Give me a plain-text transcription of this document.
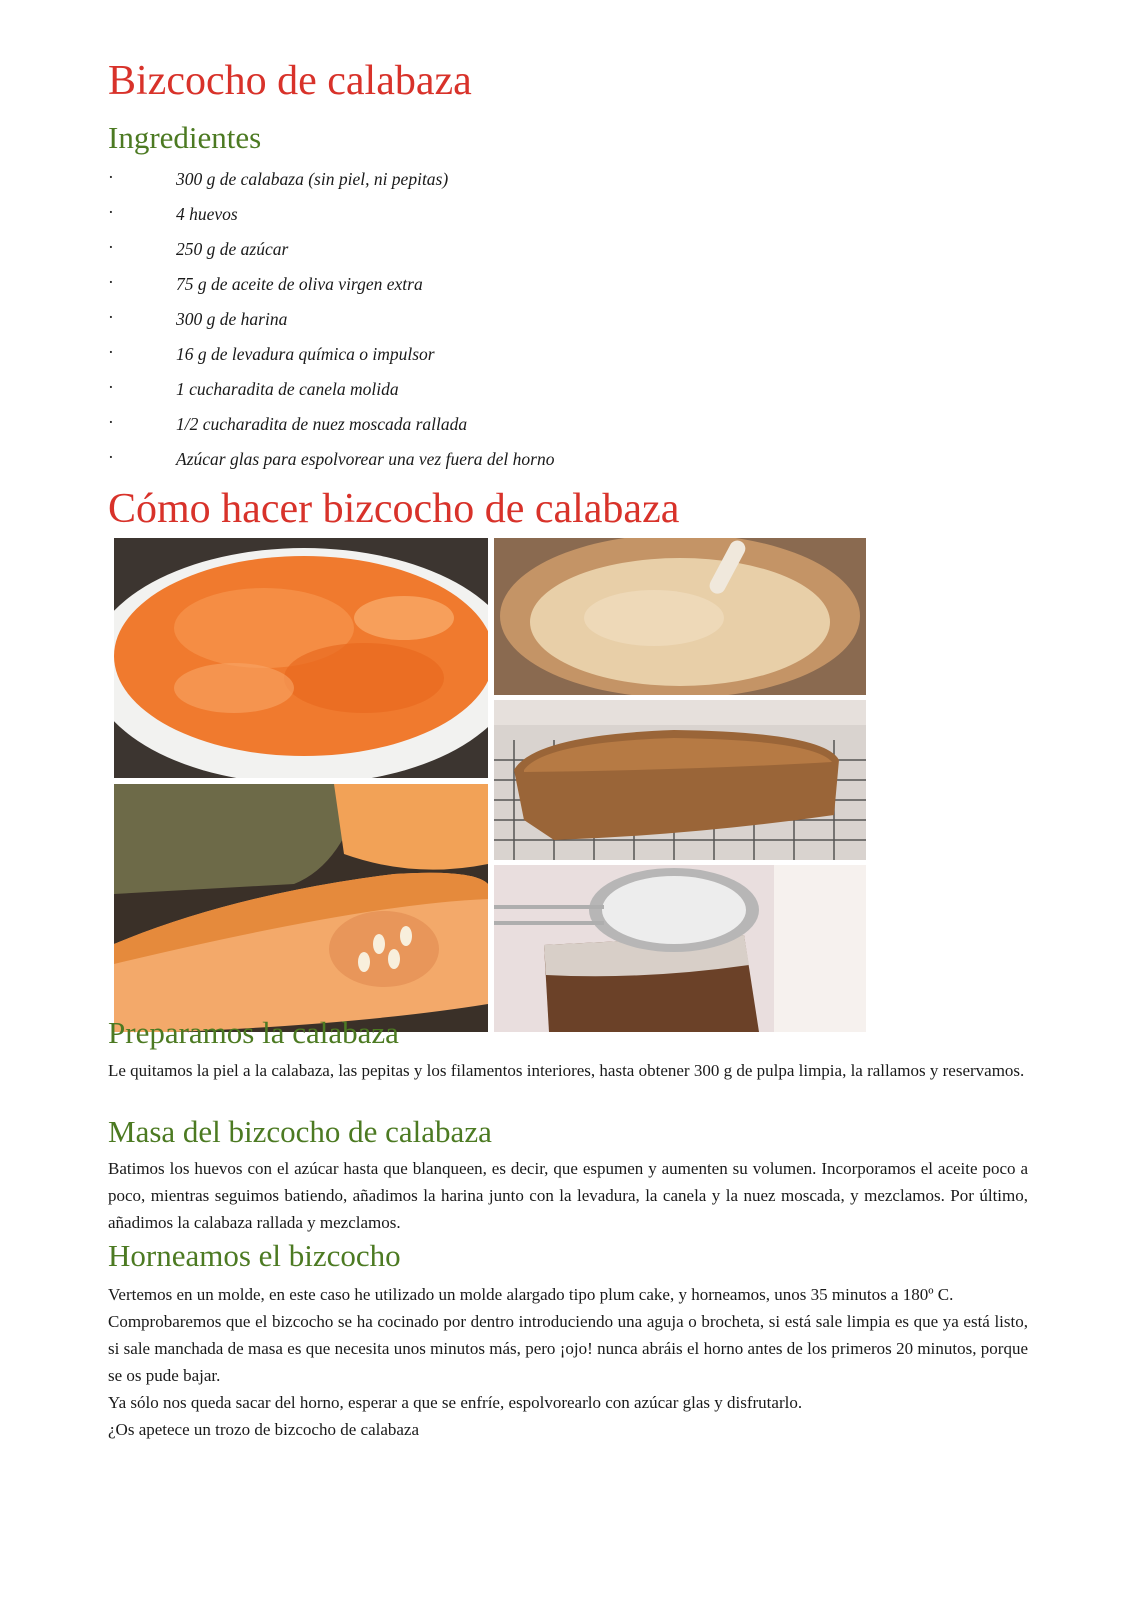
Bizcocho de calabaza
Ingredientes
·	300 g de calabaza (sin piel, ni pepitas)
·	4 huevos
·	250 g de azúcar
·	75 g de aceite de oliva virgen extra
·	300 g de harina
·	16 g de levadura química o impulsor
·	1 cucharadita de canela molida
·	1/2 cucharadita de nuez moscada rallada
·	Azúcar glas para espolvorear una vez fuera del horno
Cómo hacer bizcocho de calabaza
Preparamos la calabaza

Le quitamos la piel a la calabaza, las pepitas y los filamentos interiores, hasta obtener 300 g de pulpa limpia, la rallamos y reservamos.

Masa del bizcocho de calabaza

Batimos los huevos con el azúcar hasta que blanqueen, es decir, que espumen y aumenten su volumen. Incorporamos el aceite poco a poco, mientras seguimos batiendo, añadimos la harina junto con la levadura, la canela y la nuez moscada, y mezclamos. Por último, añadimos la calabaza rallada y mezclamos.

Horneamos el bizcocho

Vertemos en un molde, en este caso he utilizado un molde alargado tipo plum cake, y horneamos, unos 35 minutos a 180º C.

Comprobaremos que el bizcocho se ha cocinado por dentro introduciendo una aguja o brocheta, si está sale limpia es que ya está listo, si sale manchada de masa es que necesita unos minutos más, pero ¡ojo! nunca abráis el horno antes de los primeros 20 minutos, porque se os pude bajar.

Ya sólo nos queda sacar del horno, esperar a que se enfríe, espolvorearlo con azúcar glas y disfrutarlo.

¿Os apetece un trozo de bizcocho de calabaza
